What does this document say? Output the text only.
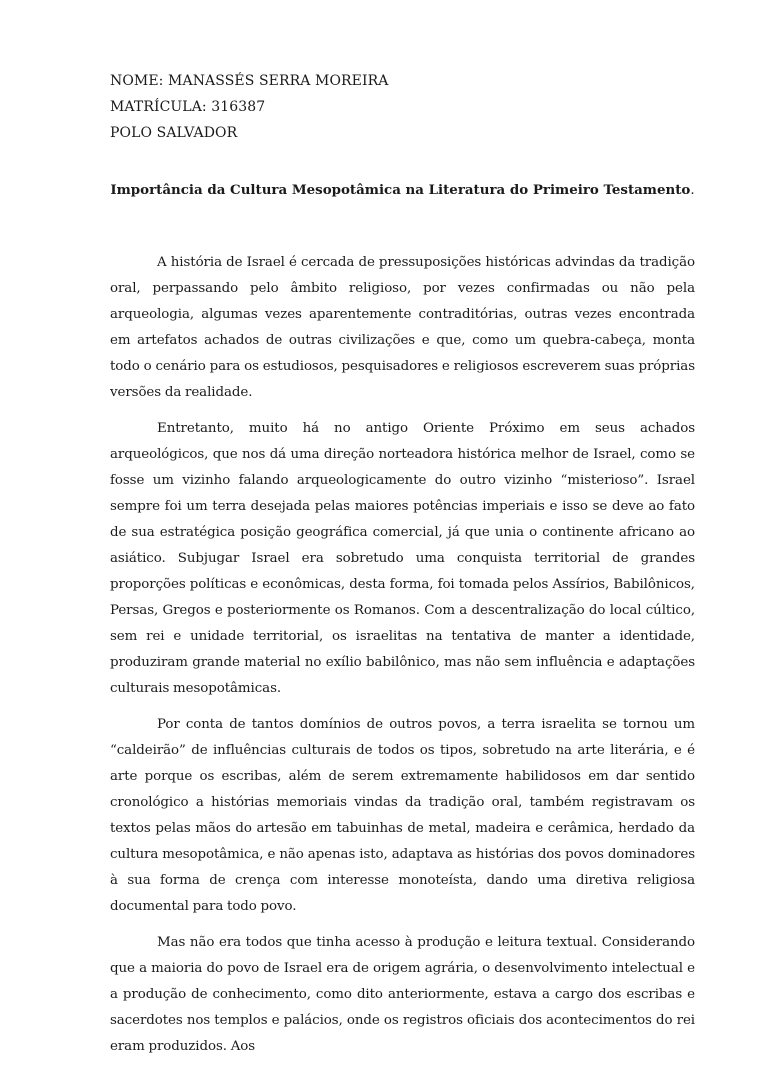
NOME: MANASSÉS SERRA MOREIRA
MATRÍCULA: 316387
POLO SALVADOR
Importância da Cultura Mesopotâmica na Literatura do Primeiro Testamento.

A história de Israel é cercada de pressuposições históricas advindas da tradição oral, perpassando pelo âmbito religioso, por vezes confirmadas ou não pela arqueologia, algumas vezes aparentemente contraditórias, outras vezes encontrada em artefatos achados de outras civilizações e que, como um quebra-cabeça, monta todo o cenário para os estudiosos, pesquisadores e religiosos escreverem suas próprias versões da realidade.

Entretanto, muito há no antigo Oriente Próximo em seus achados arqueológicos, que nos dá uma direção norteadora histórica melhor de Israel, como se fosse um vizinho falando arqueologicamente do outro vizinho “misterioso”. Israel sempre foi um terra desejada pelas maiores potências imperiais e isso se deve ao fato de sua estratégica posição geográfica comercial, já que unia o continente africano ao asiático. Subjugar Israel era sobretudo uma conquista territorial de grandes proporções políticas e econômicas, desta forma, foi tomada pelos Assírios, Babilônicos, Persas, Gregos e posteriormente os Romanos. Com a descentralização do local cúltico, sem rei e unidade territorial, os israelitas na tentativa de manter a identidade, produziram grande material no exílio babilônico, mas não sem influência e adaptações culturais mesopotâmicas.

Por conta de tantos domínios de outros povos, a terra israelita se tornou um “caldeirão” de influências culturais de todos os tipos, sobretudo na arte literária, e é arte porque os escribas, além de serem extremamente habilidosos em dar sentido cronológico a histórias memoriais vindas da tradição oral, também registravam os textos pelas mãos do artesão em tabuinhas de metal, madeira e cerâmica, herdado da cultura mesopotâmica, e não apenas isto, adaptava as histórias dos povos dominadores à sua forma de crença com interesse monoteísta, dando uma diretiva religiosa documental para todo povo.

Mas não era todos que tinha acesso à produção e leitura textual. Considerando que a maioria do povo de Israel era de origem agrária, o desenvolvimento intelectual e a produção de conhecimento, como dito anteriormente, estava a cargo dos escribas e sacerdotes nos templos e palácios, onde os registros oficiais dos acontecimentos do rei eram produzidos. Aos
